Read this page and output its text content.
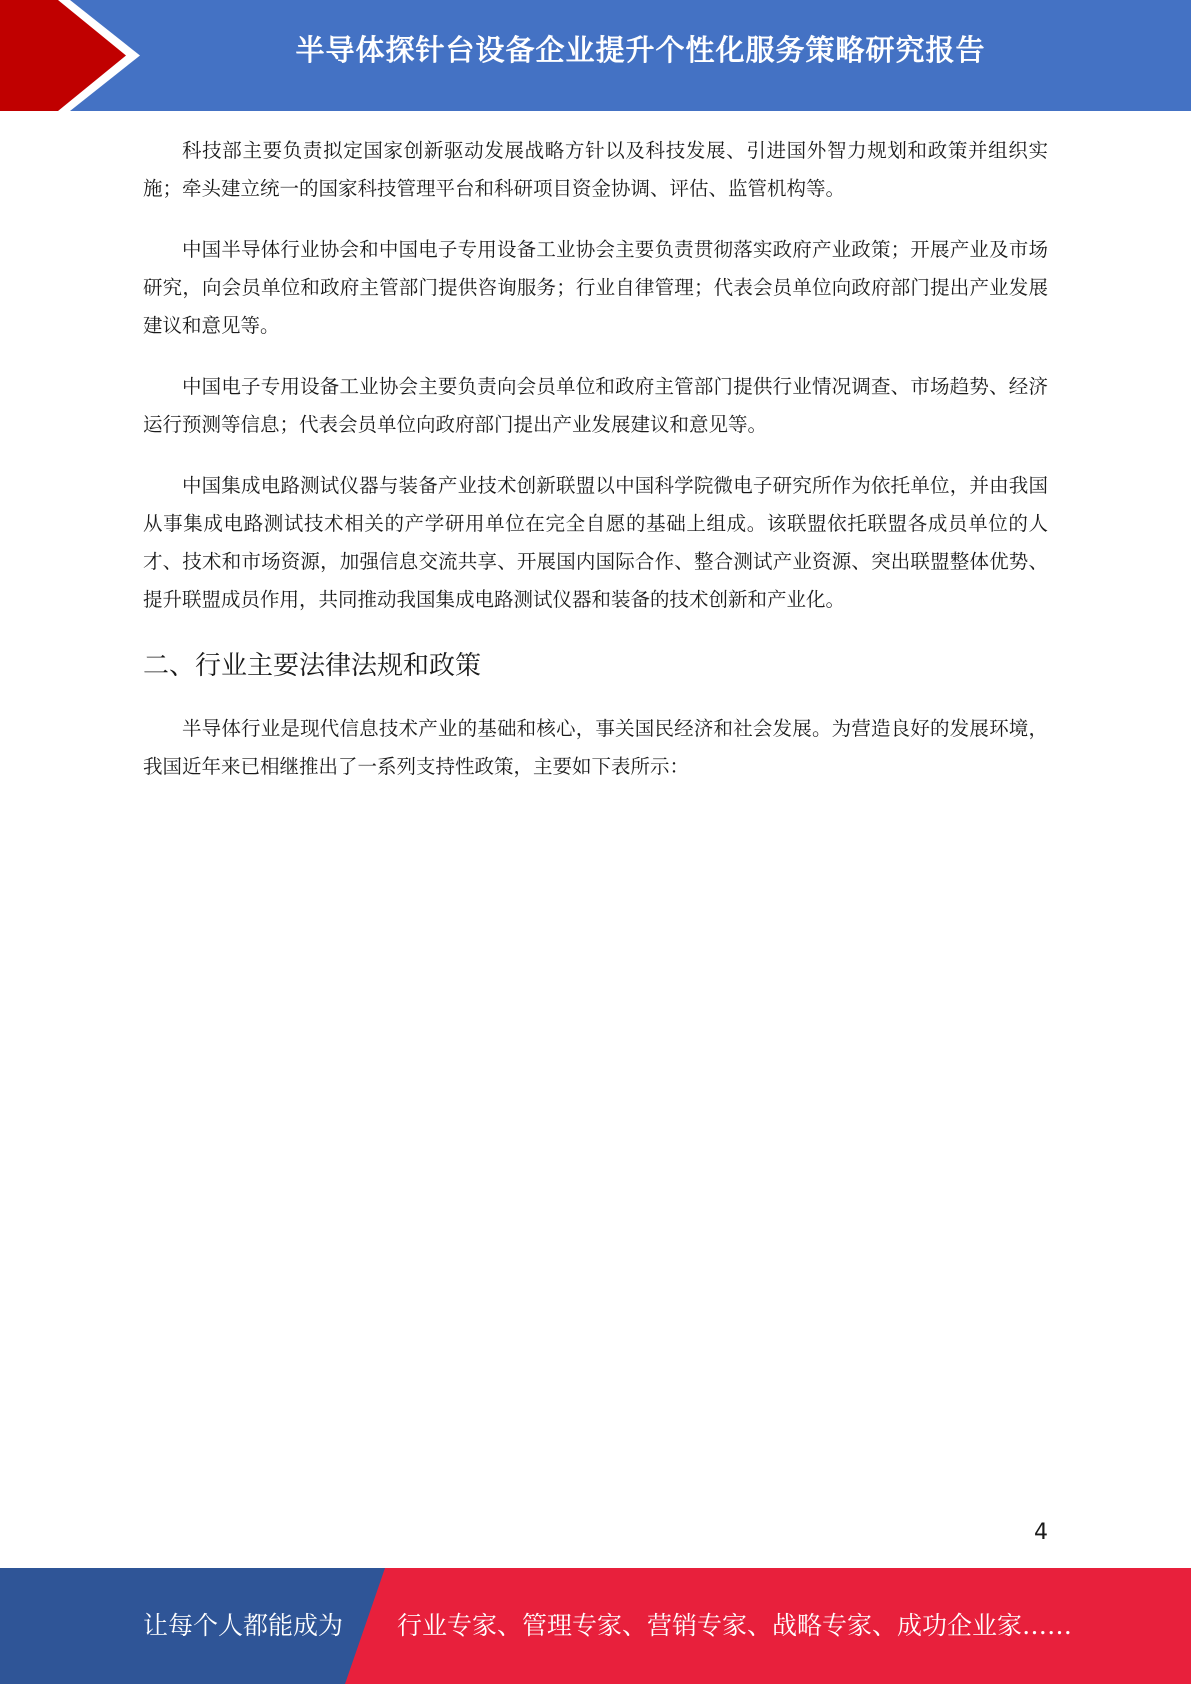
半导体探针台设备企业提升个性化服务策略研究报告

科技部主要负责拟定国家创新驱动发展战略方针以及科技发展、引进国外智力规划和政策并组织实施；牵头建立统一的国家科技管理平台和科研项目资金协调、评估、监管机构等。

中国半导体行业协会和中国电子专用设备工业协会主要负责贯彻落实政府产业政策；开展产业及市场研究，向会员单位和政府主管部门提供咨询服务；行业自律管理；代表会员单位向政府部门提出产业发展建议和意见等。

中国电子专用设备工业协会主要负责向会员单位和政府主管部门提供行业情况调查、市场趋势、经济运行预测等信息；代表会员单位向政府部门提出产业发展建议和意见等。

中国集成电路测试仪器与装备产业技术创新联盟以中国科学院微电子研究所作为依托单位，并由我国从事集成电路测试技术相关的产学研用单位在完全自愿的基础上组成。该联盟依托联盟各成员单位的人才、技术和市场资源，加强信息交流共享、开展国内国际合作、整合测试产业资源、突出联盟整体优势、提升联盟成员作用，共同推动我国集成电路测试仪器和装备的技术创新和产业化。

二、行业主要法律法规和政策

半导体行业是现代信息技术产业的基础和核心，事关国民经济和社会发展。为营造良好的发展环境，我国近年来已相继推出了一系列支持性政策，主要如下表所示：

4
让每个人都能成为 行业专家、管理专家、营销专家、战略专家、成功企业家……
